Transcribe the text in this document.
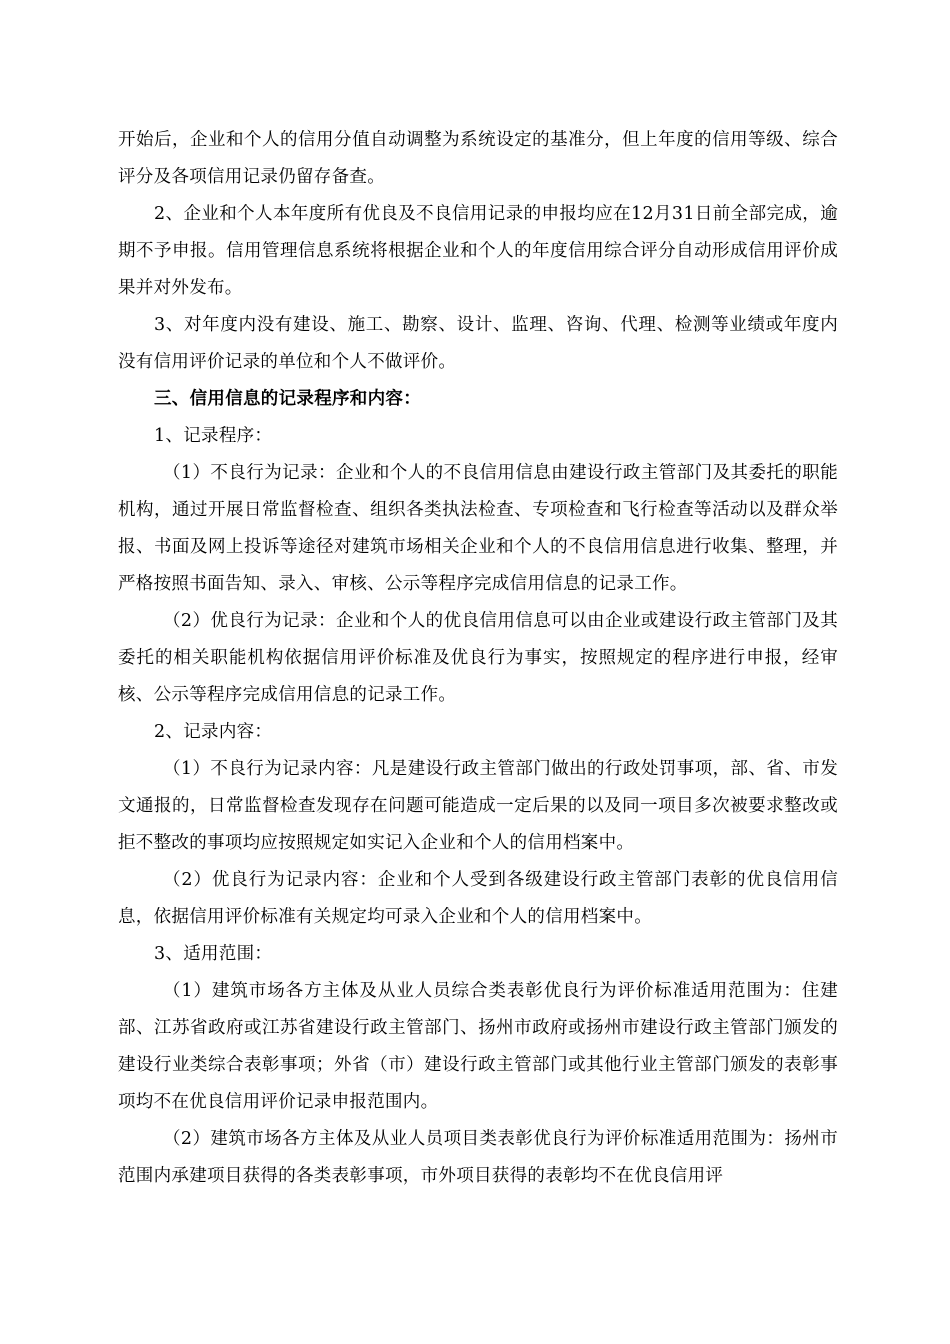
开始后，企业和个人的信用分值自动调整为系统设定的基准分，但上年度的信用等级、综合评分及各项信用记录仍留存备查。

2、企业和个人本年度所有优良及不良信用记录的申报均应在12月31日前全部完成，逾期不予申报。信用管理信息系统将根据企业和个人的年度信用综合评分自动形成信用评价成果并对外发布。

3、对年度内没有建设、施工、勘察、设计、监理、咨询、代理、检测等业绩或年度内没有信用评价记录的单位和个人不做评价。

三、信用信息的记录程序和内容：

1、记录程序：

（1）不良行为记录：企业和个人的不良信用信息由建设行政主管部门及其委托的职能机构，通过开展日常监督检查、组织各类执法检查、专项检查和飞行检查等活动以及群众举报、书面及网上投诉等途径对建筑市场相关企业和个人的不良信用信息进行收集、整理，并严格按照书面告知、录入、审核、公示等程序完成信用信息的记录工作。

（2）优良行为记录：企业和个人的优良信用信息可以由企业或建设行政主管部门及其委托的相关职能机构依据信用评价标准及优良行为事实，按照规定的程序进行申报，经审核、公示等程序完成信用信息的记录工作。

2、记录内容：

（1）不良行为记录内容：凡是建设行政主管部门做出的行政处罚事项，部、省、市发文通报的，日常监督检查发现存在问题可能造成一定后果的以及同一项目多次被要求整改或拒不整改的事项均应按照规定如实记入企业和个人的信用档案中。

（2）优良行为记录内容：企业和个人受到各级建设行政主管部门表彰的优良信用信息，依据信用评价标准有关规定均可录入企业和个人的信用档案中。

3、适用范围：

（1）建筑市场各方主体及从业人员综合类表彰优良行为评价标准适用范围为：住建部、江苏省政府或江苏省建设行政主管部门、扬州市政府或扬州市建设行政主管部门颁发的建设行业类综合表彰事项；外省（市）建设行政主管部门或其他行业主管部门颁发的表彰事项均不在优良信用评价记录申报范围内。

（2）建筑市场各方主体及从业人员项目类表彰优良行为评价标准适用范围为：扬州市范围内承建项目获得的各类表彰事项，市外项目获得的表彰均不在优良信用评
